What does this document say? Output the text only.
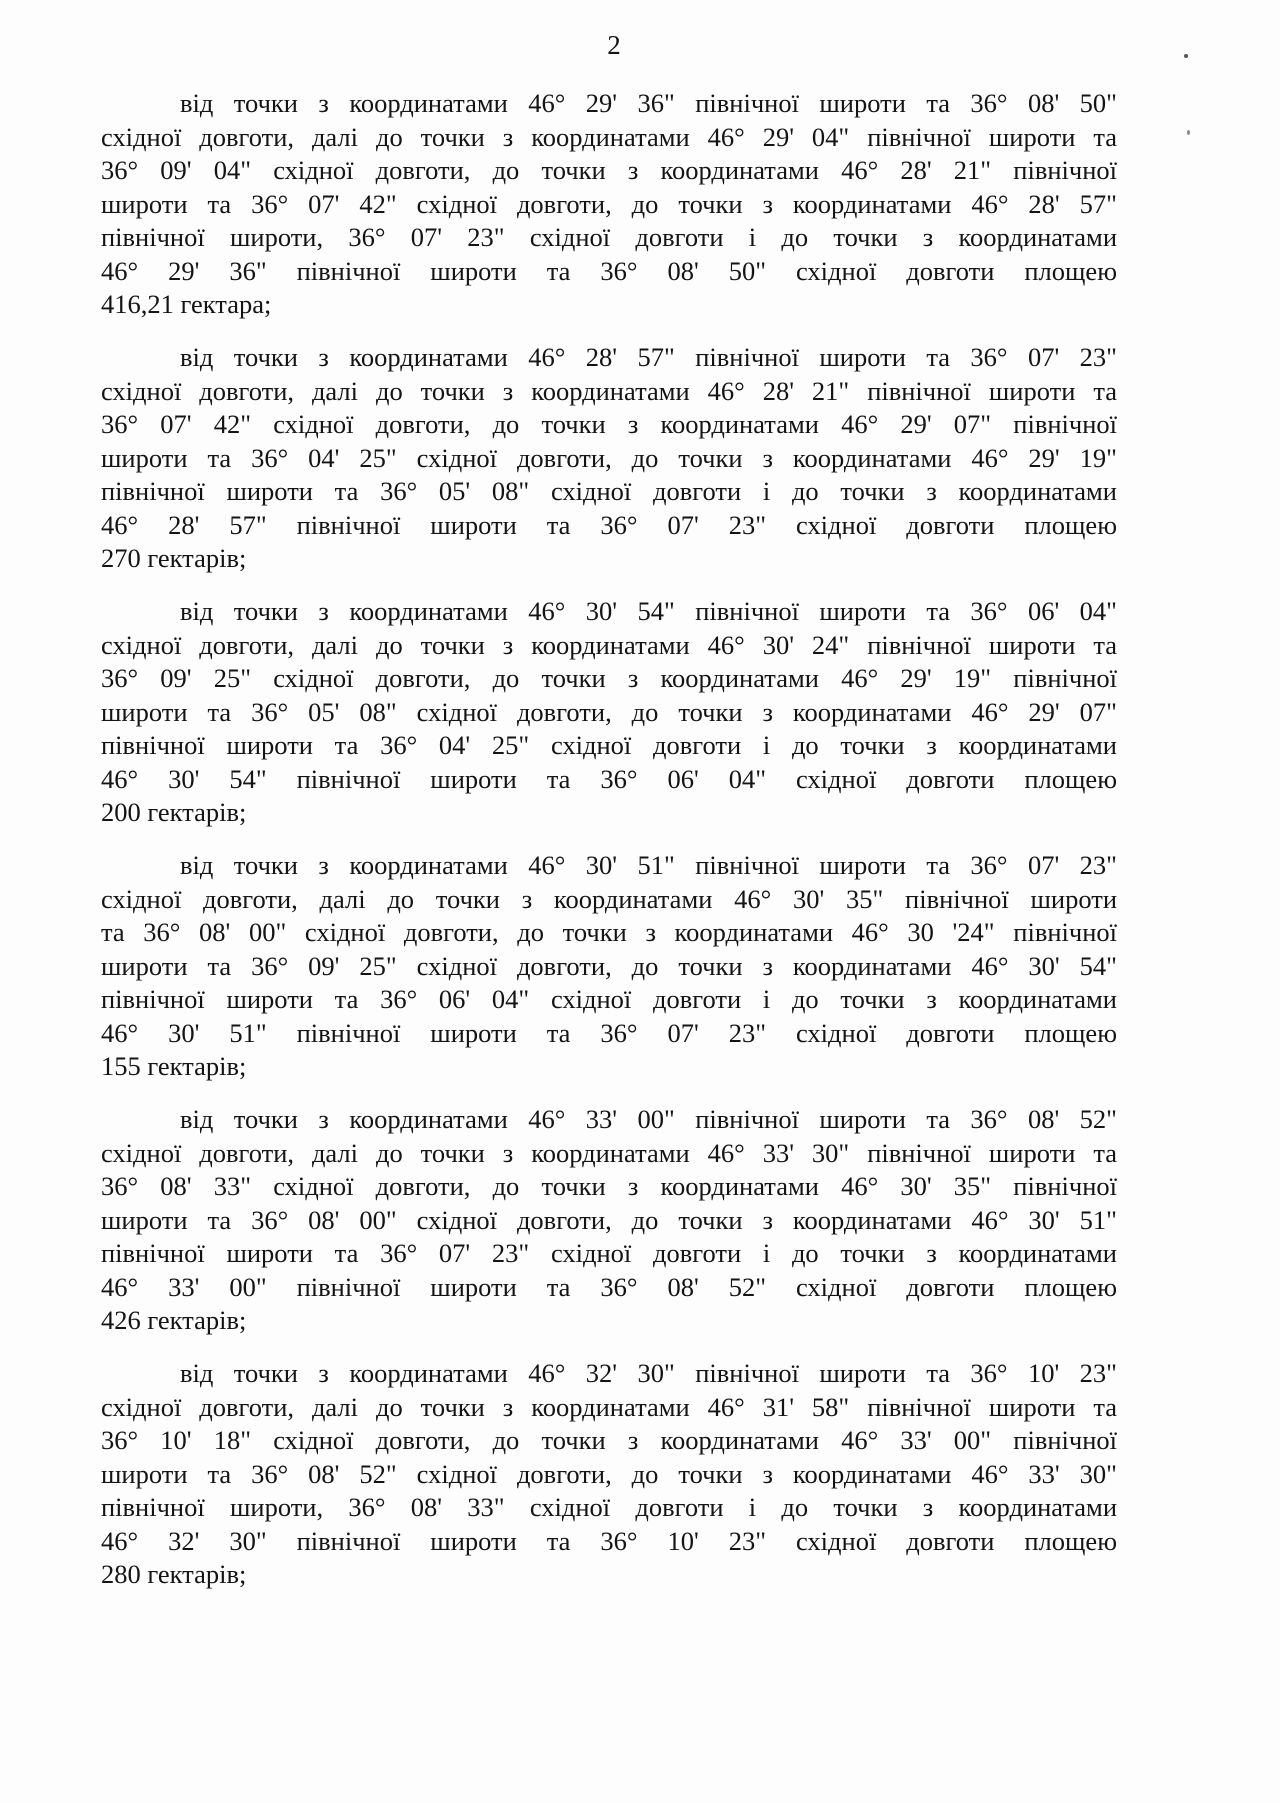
2
від точки з координатами 46° 29' 36" північної широти та 36° 08' 50"
східної довготи, далі до точки з координатами 46° 29' 04" північної широти та
36° 09' 04" східної довготи, до точки з координатами 46° 28' 21" північної
широти та 36° 07' 42" східної довготи, до точки з координатами 46° 28' 57"
північної широти, 36° 07' 23" східної довготи і до точки з координатами
46° 29' 36" північної широти та 36° 08' 50" східної довготи площею
416,21 гектара;
від точки з координатами 46° 28' 57" північної широти та 36° 07' 23"
східної довготи, далі до точки з координатами 46° 28' 21" північної широти та
36° 07' 42" східної довготи, до точки з координатами 46° 29' 07" північної
широти та 36° 04' 25" східної довготи, до точки з координатами 46° 29' 19"
північної широти та 36° 05' 08" східної довготи і до точки з координатами
46° 28' 57" північної широти та 36° 07' 23" східної довготи площею
270 гектарів;
від точки з координатами 46° 30' 54" північної широти та 36° 06' 04"
східної довготи, далі до точки з координатами 46° 30' 24" північної широти та
36° 09' 25" східної довготи, до точки з координатами 46° 29' 19" північної
широти та 36° 05' 08" східної довготи, до точки з координатами 46° 29' 07"
північної широти та 36° 04' 25" східної довготи і до точки з координатами
46° 30' 54" північної широти та 36° 06' 04" східної довготи площею
200 гектарів;
від точки з координатами 46° 30' 51" північної широти та 36° 07' 23"
східної довготи, далі до точки з координатами 46° 30' 35" північної широти
та 36° 08' 00" східної довготи, до точки з координатами 46° 30 '24" північної
широти та 36° 09' 25" східної довготи, до точки з координатами 46° 30' 54"
північної широти та 36° 06' 04" східної довготи і до точки з координатами
46° 30' 51" північної широти та 36° 07' 23" східної довготи площею
155 гектарів;
від точки з координатами 46° 33' 00" північної широти та 36° 08' 52"
східної довготи, далі до точки з координатами 46° 33' 30" північної широти та
36° 08' 33" східної довготи, до точки з координатами 46° 30' 35" північної
широти та 36° 08' 00" східної довготи, до точки з координатами 46° 30' 51"
північної широти та 36° 07' 23" східної довготи і до точки з координатами
46° 33' 00" північної широти та 36° 08' 52" східної довготи площею
426 гектарів;
від точки з координатами 46° 32' 30" північної широти та 36° 10' 23"
східної довготи, далі до точки з координатами 46° 31' 58" північної широти та
36° 10' 18" східної довготи, до точки з координатами 46° 33' 00" північної
широти та 36° 08' 52" східної довготи, до точки з координатами 46° 33' 30"
північної широти, 36° 08' 33" східної довготи і до точки з координатами
46° 32' 30" північної широти та 36° 10' 23" східної довготи площею
280 гектарів;
